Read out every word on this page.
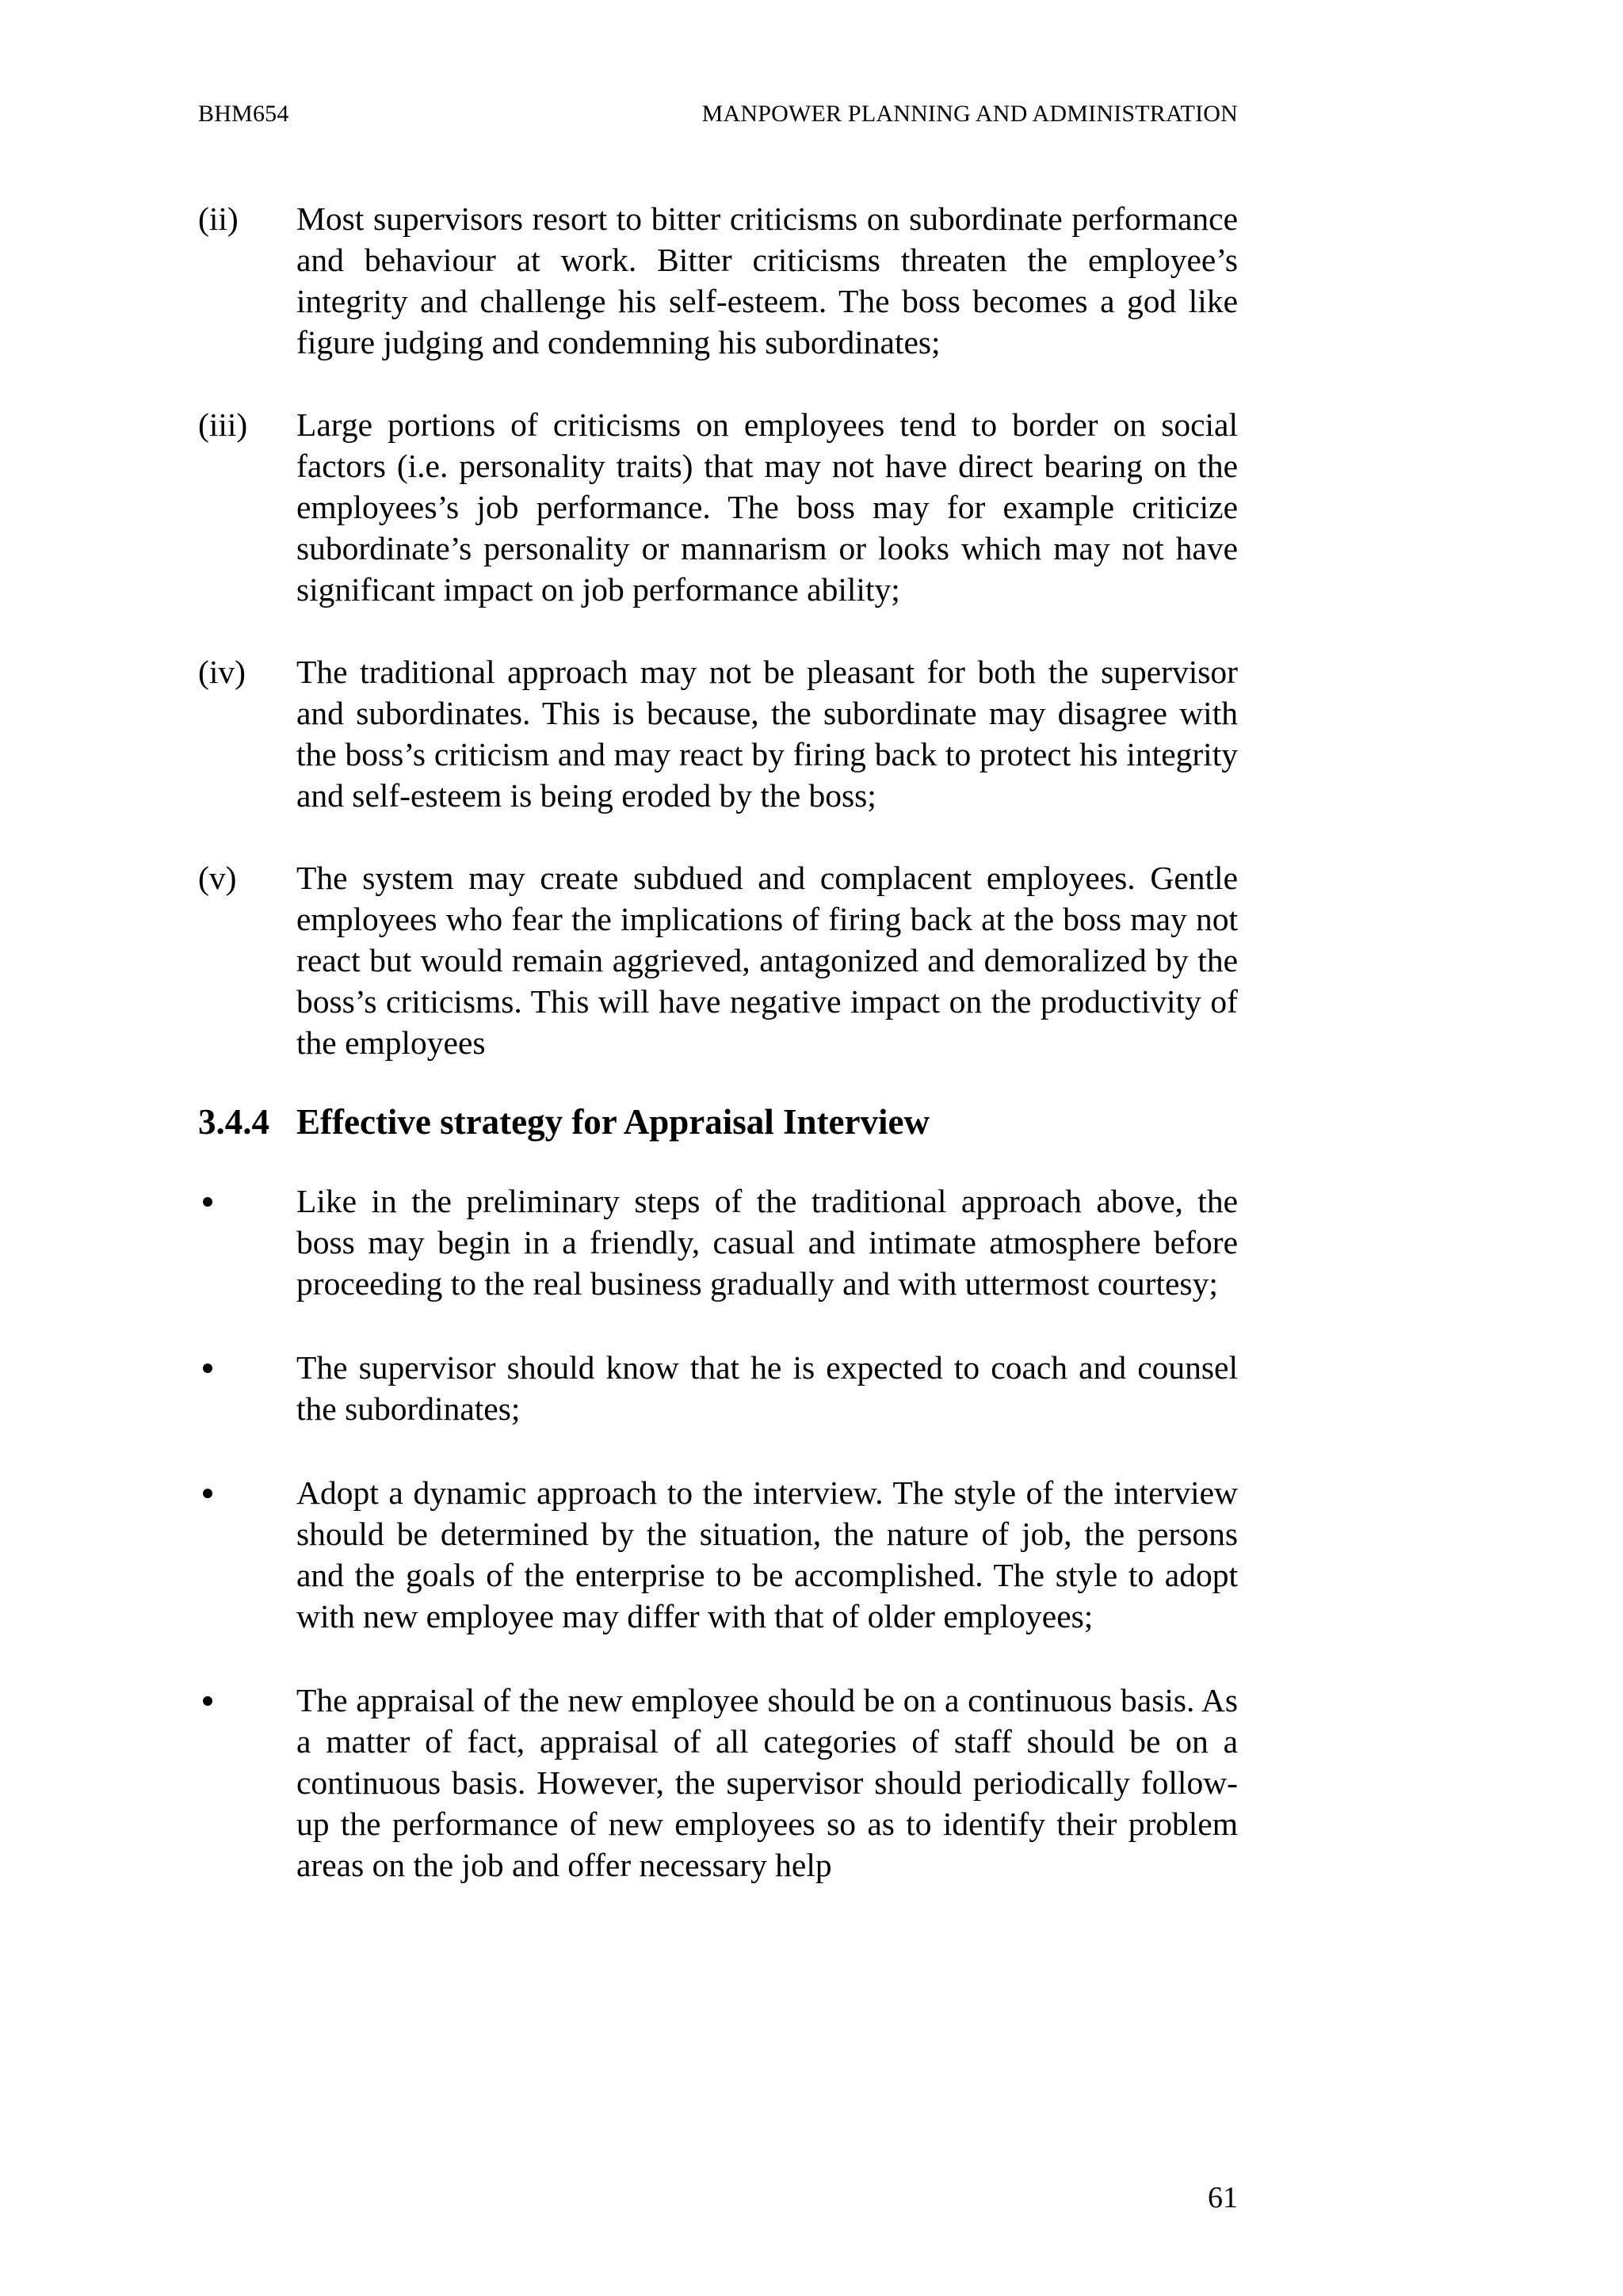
BHM654	MANPOWER PLANNING AND ADMINISTRATION
(ii)	Most supervisors resort to bitter criticisms on subordinate performance and behaviour at work. Bitter criticisms threaten the employee’s integrity and challenge his self-esteem. The boss becomes a god like figure judging and condemning his subordinates;
(iii)	Large portions of criticisms on employees tend to border on social factors (i.e. personality traits) that may not have direct bearing on the employees’s job performance. The boss may for example criticize subordinate’s personality or mannarism or looks which may not have significant impact on job performance ability;
(iv)	The traditional approach may not be pleasant for both the supervisor and subordinates. This is because, the subordinate may disagree with the boss’s criticism and may react by firing back to protect his integrity and self-esteem is being eroded by the boss;
(v)	The system may create subdued and complacent employees. Gentle employees who fear the implications of firing back at the boss may not react but would remain aggrieved, antagonized and demoralized by the boss’s criticisms. This will have negative impact on the productivity of the employees
3.4.4 Effective strategy for Appraisal Interview
Like in the preliminary steps of the traditional approach above, the boss may begin in a friendly, casual and intimate atmosphere before proceeding to the real business gradually and with uttermost courtesy;
The supervisor should know that he is expected to coach and counsel the subordinates;
Adopt a dynamic approach to the interview. The style of the interview should be determined by the situation, the nature of job, the persons and the goals of the enterprise to be accomplished. The style to adopt with new employee may differ with that of older employees;
The appraisal of the new employee should be on a continuous basis. As a matter of fact, appraisal of all categories of staff should be on a continuous basis. However, the supervisor should periodically follow-up the performance of new employees so as to identify their problem areas on the job and offer necessary help
61
